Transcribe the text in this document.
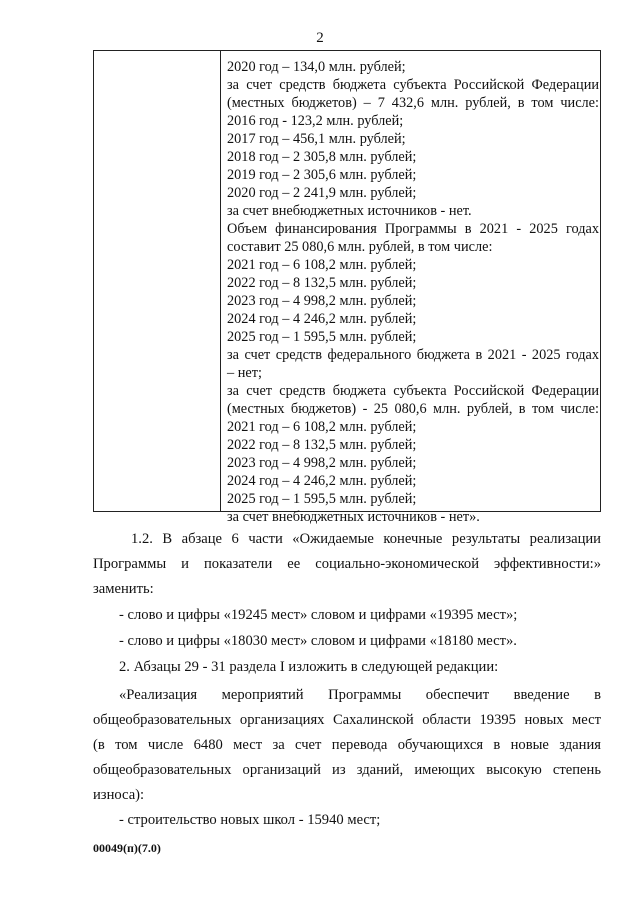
2
2020 год – 134,0 млн. рублей;
за счет средств бюджета субъекта Российской Федерации
(местных бюджетов) – 7 432,6 млн. рублей, в том числе:
2016 год - 123,2 млн. рублей;
2017 год – 456,1 млн. рублей;
2018 год – 2 305,8 млн. рублей;
2019 год – 2 305,6 млн. рублей;
2020 год – 2 241,9 млн. рублей;
за счет внебюджетных источников - нет.
Объем финансирования Программы в 2021 - 2025 годах
составит 25 080,6 млн. рублей, в том числе:
2021 год – 6 108,2 млн. рублей;
2022 год – 8 132,5 млн. рублей;
2023 год – 4 998,2 млн. рублей;
2024 год – 4 246,2 млн. рублей;
2025 год – 1 595,5 млн. рублей;
за счет средств федерального бюджета в 2021 - 2025 годах
– нет;
за счет средств бюджета субъекта Российской Федерации
(местных бюджетов) - 25 080,6 млн. рублей, в том числе:
2021 год – 6 108,2 млн. рублей;
2022 год – 8 132,5 млн. рублей;
2023 год – 4 998,2 млн. рублей;
2024 год – 4 246,2 млн. рублей;
2025 год – 1 595,5 млн. рублей;
за счет внебюджетных источников - нет».

1.2. В абзаце 6 части «Ожидаемые конечные результаты реализации

Программы и показатели ее социально-экономической эффективности:»

заменить:

- слово и цифры «19245 мест» словом и цифрами «19395 мест»;

- слово и цифры «18030 мест» словом и цифрами «18180 мест».

2. Абзацы 29 - 31 раздела I изложить в следующей редакции:

«Реализация мероприятий Программы обеспечит введение в

общеобразовательных организациях Сахалинской области 19395 новых мест

(в том числе 6480 мест за счет перевода обучающихся в новые здания

общеобразовательных организаций из зданий, имеющих высокую степень

износа):

- строительство новых школ - 15940 мест;

00049(п)(7.0)
